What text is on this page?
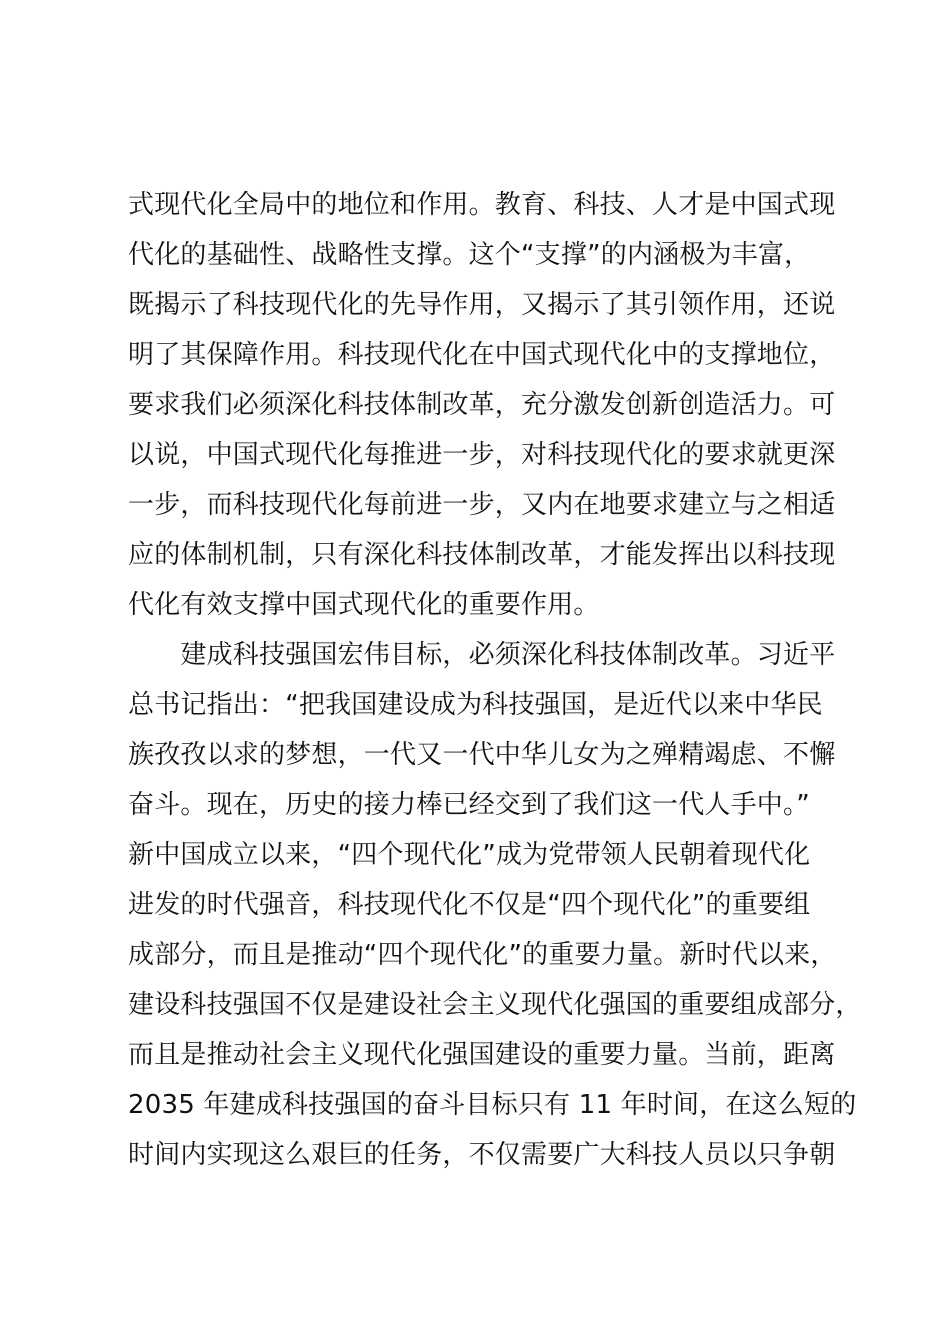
式现代化全局中的地位和作用。教育、科技、人才是中国式现
代化的基础性、战略性支撑。这个“支撑”的内涵极为丰富，
既揭示了科技现代化的先导作用，又揭示了其引领作用，还说
明了其保障作用。科技现代化在中国式现代化中的支撑地位，
要求我们必须深化科技体制改革，充分激发创新创造活力。可
以说，中国式现代化每推进一步，对科技现代化的要求就更深
一步，而科技现代化每前进一步，又内在地要求建立与之相适
应的体制机制，只有深化科技体制改革，才能发挥出以科技现
代化有效支撑中国式现代化的重要作用。
　　建成科技强国宏伟目标，必须深化科技体制改革。习近平
总书记指出：“把我国建设成为科技强国，是近代以来中华民
族孜孜以求的梦想，一代又一代中华儿女为之殚精竭虑、不懈
奋斗。现在，历史的接力棒已经交到了我们这一代人手中。”
新中国成立以来，“四个现代化”成为党带领人民朝着现代化
进发的时代强音，科技现代化不仅是“四个现代化”的重要组
成部分，而且是推动“四个现代化”的重要力量。新时代以来，
建设科技强国不仅是建设社会主义现代化强国的重要组成部分，
而且是推动社会主义现代化强国建设的重要力量。当前，距离
2035 年建成科技强国的奋斗目标只有 11 年时间，在这么短的
时间内实现这么艰巨的任务，不仅需要广大科技人员以只争朝
